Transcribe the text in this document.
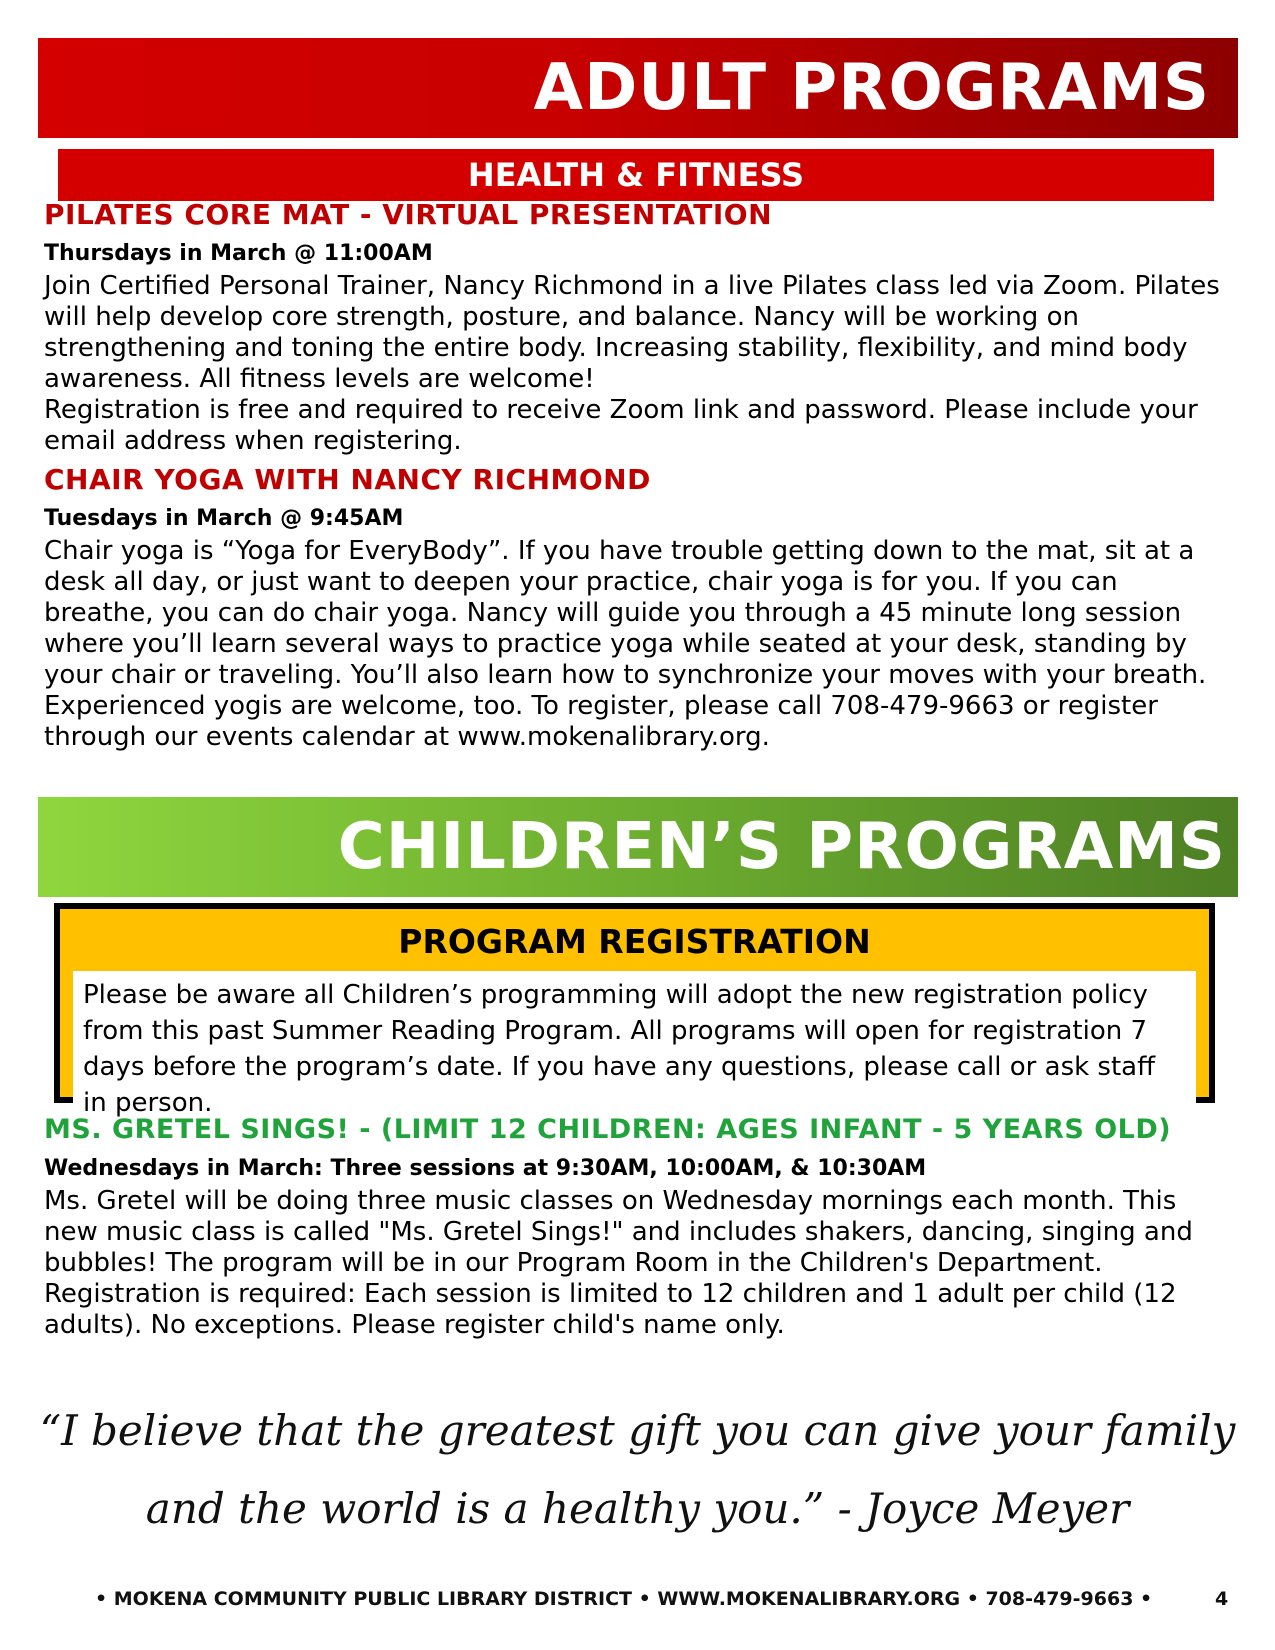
ADULT PROGRAMS
HEALTH & FITNESS
PILATES CORE MAT - VIRTUAL PRESENTATION
Thursdays in March @ 11:00AM
Join Certified Personal Trainer, Nancy Richmond in a live Pilates class led via Zoom. Pilates will help develop core strength, posture, and balance. Nancy will be working on strengthening and toning the entire body. Increasing stability, flexibility, and mind body awareness. All fitness levels are welcome!
Registration is free and required to receive Zoom link and password. Please include your email address when registering.
CHAIR YOGA WITH NANCY RICHMOND
Tuesdays in March @ 9:45AM
Chair yoga is “Yoga for EveryBody”. If you have trouble getting down to the mat, sit at a desk all day, or just want to deepen your practice, chair yoga is for you. If you can breathe, you can do chair yoga. Nancy will guide you through a 45 minute long session where you’ll learn several ways to practice yoga while seated at your desk, standing by your chair or traveling. You’ll also learn how to synchronize your moves with your breath. Experienced yogis are welcome, too. To register, please call 708-479-9663 or register through our events calendar at www.mokenalibrary.org.
CHILDREN’S PROGRAMS
PROGRAM REGISTRATION
Please be aware all Children’s programming will adopt the new registration policy from this past Summer Reading Program. All programs will open for registration 7 days before the program’s date. If you have any questions, please call or ask staff in person.
MS. GRETEL SINGS! - (LIMIT 12 CHILDREN: AGES INFANT - 5 YEARS OLD)
Wednesdays in March: Three sessions at 9:30AM, 10:00AM, & 10:30AM
Ms. Gretel will be doing three music classes on Wednesday mornings each month. This new music class is called "Ms. Gretel Sings!" and includes shakers, dancing, singing and bubbles! The program will be in our Program Room in the Children's Department.
Registration is required: Each session is limited to 12 children and 1 adult per child (12 adults). No exceptions. Please register child's name only.
“I believe that the greatest gift you can give your family
and the world is a healthy you.” - Joyce Meyer
• MOKENA COMMUNITY PUBLIC LIBRARY DISTRICT • WWW.MOKENALIBRARY.ORG • 708-479-9663 •	4
